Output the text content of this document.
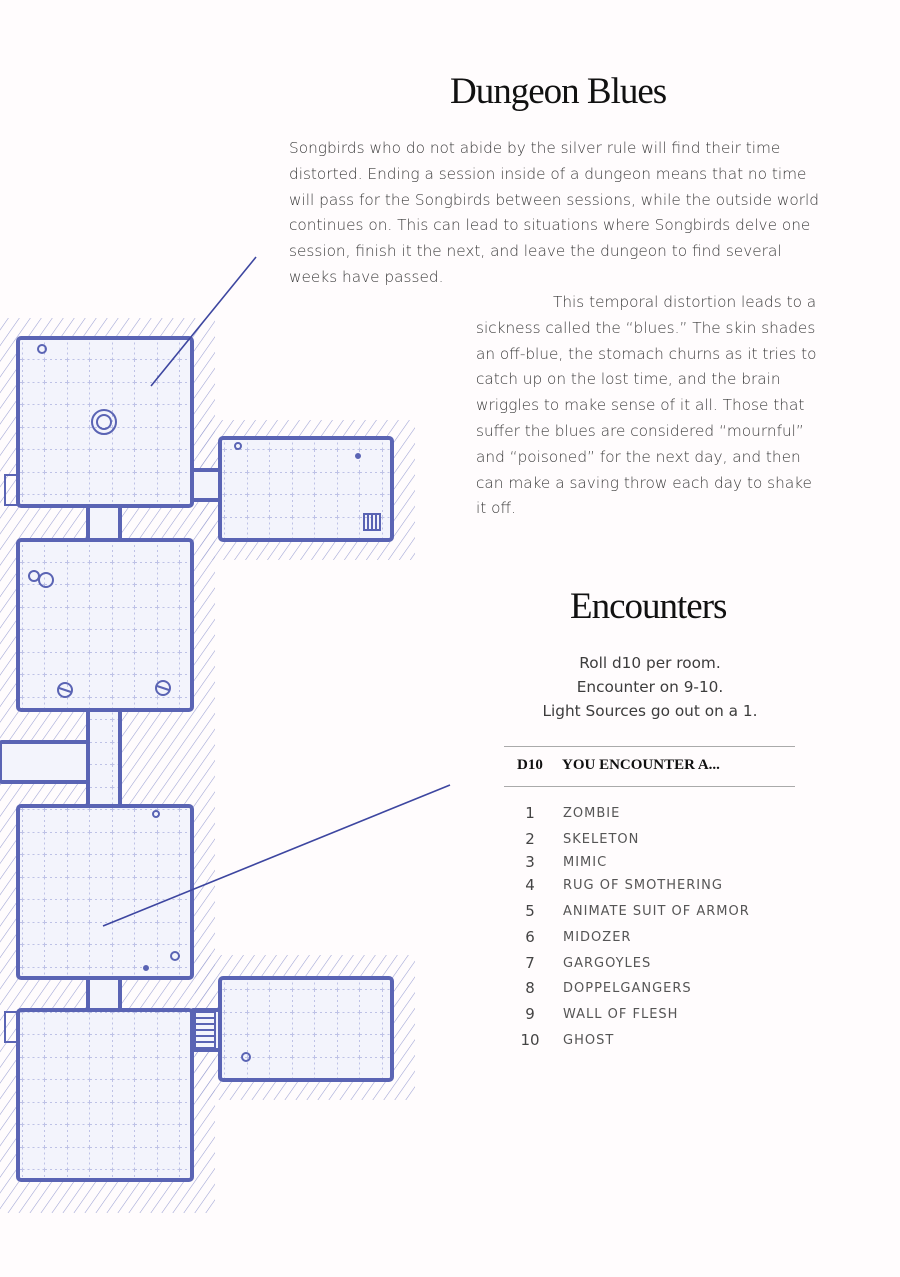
Dungeon Blues

Songbirds who do not abide by the silver rule will find their time distorted. Ending a session inside of a dungeon means that no time will pass for the Songbirds between sessions, while the outside world continues on. This can lead to situations where Songbirds delve one session, finish it the next, and leave the dungeon to find several weeks have passed.

This temporal distortion leads to a sickness called the “blues.” The skin shades an off-blue, the stomach churns as it tries to catch up on the lost time, and the brain wriggles to make sense of it all. Those that suffer the blues are considered “mournful” and “poisoned” for the next day, and then can make a saving throw each day to shake it off.

Encounters
Roll d10 per room.
Encounter on 9-10.
Light Sources go out on a 1.
D10 YOU ENCOUNTER A...
1	ZOMBIE
2	SKELETON
3	MIMIC
4	RUG OF SMOTHERING
5	ANIMATE SUIT OF ARMOR
6	MIDOZER
7	GARGOYLES
8	DOPPELGANGERS
9	WALL OF FLESH
10	GHOST
